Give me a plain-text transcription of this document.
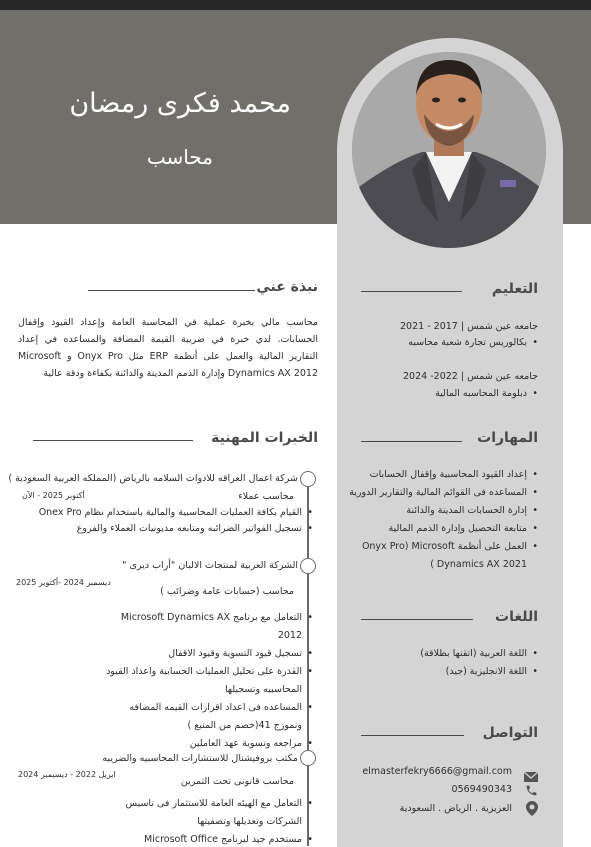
محمد فكرى رمضان
محاسب
نبذة عني
محاسب مالي بخبرة عملية في المحاسبة العامة وإعداد القيود وإقفال الحسابات. لدي خبرة في ضريبة القيمة المضافة والمساعده في إعداد التقارير المالية والعمل على أنظمة ERP مثل Onyx Pro و Microsoft Dynamics AX 2012 وإدارة الذمم المدينة والدائنة بكفاءة ودقة عالية
الخبرات المهنية
شركة اعمال العراقه للادوات السلامه بالرياض (المملكه العربية السعودية )
محاسب عملاء
أكتوبر 2025 - الآن
• القيام بكافة العمليات المحاسبية والمالية باستخدام نظام Onex Pro
• تسجيل الفواتير الضرائبه ومتابعه مديونيات العملاء والفروع
الشركة العربية لمنتجات الالبان "أراب ديرى "
محاسب (حسابات عامة وضرائب )
ديسمبر 2024 -أكتوبر 2025
• التعامل مع برنامج Microsoft Dynamics AX 2012
• تسجيل قيود التسوية وقيود الاقفال
• القدرة على تحليل العمليات الحسابية واعداد القيود المحاسبيه وتسجيلها
• المساعده فى اعداد اقرارات القيمه المضافه ونموزج 41(خصم من المنبع )
• مراجعه وتسوية عهد العاملين
مكتب بروفيشنال للاستشارات المحاسبيه والضريبه
محاسب قانونى تحت التمرين
ابريل 2022 - ديسيمبر 2024
• التعامل مع الهيئه العامة للاستثمار فى تاسيس الشركات وتعديلها وتصفيتها
• مستخدم جيد لبرنامج Microsoft Office
التعليم
جامعه عين شمس | 2017 - 2021
• بكالوريس تجارة شعبة محاسبه
جامعه عين شمس | 2022- 2024
• دبلومة المحاسبه المالية
المهارات
• إعداد القيود المحاسبية وإقفال الحسابات
• المساعده فى القوائم المالية والتقارير الدورية
• إدارة الحسابات المدينة والدائنة
• متابعة التحصيل وإدارة الذمم المالية
• العمل على أنظمة Onyx Pro) Microsoft Dynamics AX 2021 )
اللغات
• اللغة العربية (اتقنها بطلاقة)
• اللغة الانجليزية (جيد)
التواصل
elmasterfekry6666@gmail.com
0569490343
العزيزية . الرياض . السعودية
